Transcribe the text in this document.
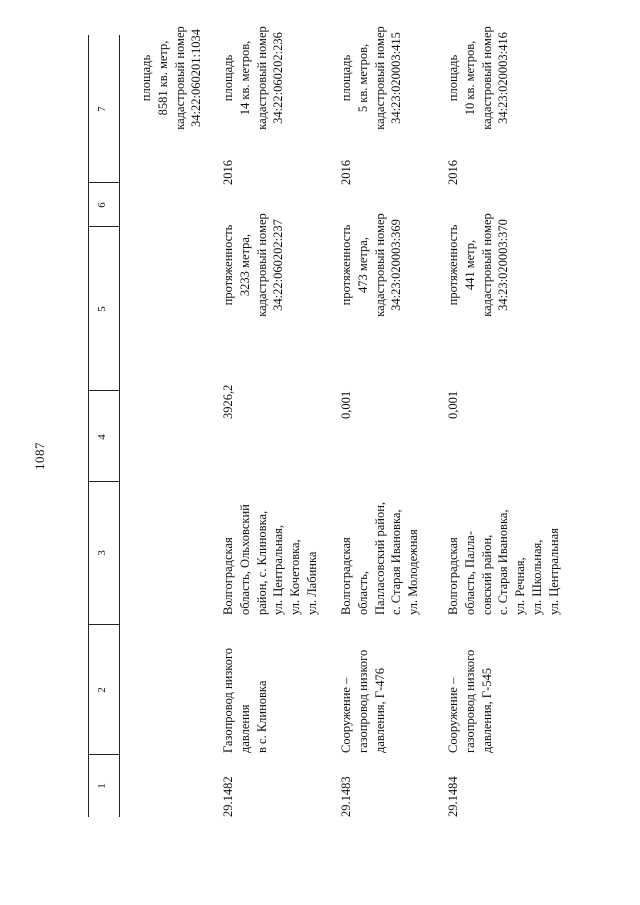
1087
1
2
3
4
5
6
7
площадь
8581 кв. метр,
кадастровый номер
34:22:060201:1034
29.1482
Газопровод низкого
давления
в с. Клиновка
Волгоградская
область, Ольховский
район, с. Клиновка,
ул. Центральная,
ул. Кочетовка,
ул. Лабинка
3926,2
протяженность
3233 метра,
кадастровый номер
34:22:060202:237
2016
площадь
14 кв. метров,
кадастровый номер
34:22:060202:236
29.1483
Сооружение –
газопровод низкого
давления, Г-476
Волгоградская
область,
Палласовский район,
с. Старая Ивановка,
ул. Молодежная
0,001
протяженность
473 метра,
кадастровый номер
34:23:020003:369
2016
площадь
5 кв. метров,
кадастровый номер
34:23:020003:415
29.1484
Сооружение –
газопровод низкого
давления, Г-545
Волгоградская
область, Палла-
совский район,
с. Старая Ивановка,
ул. Речная,
ул. Школьная,
ул. Центральная
0,001
протяженность
441 метр,
кадастровый номер
34:23:020003:370
2016
площадь
10 кв. метров,
кадастровый номер
34:23:020003:416
